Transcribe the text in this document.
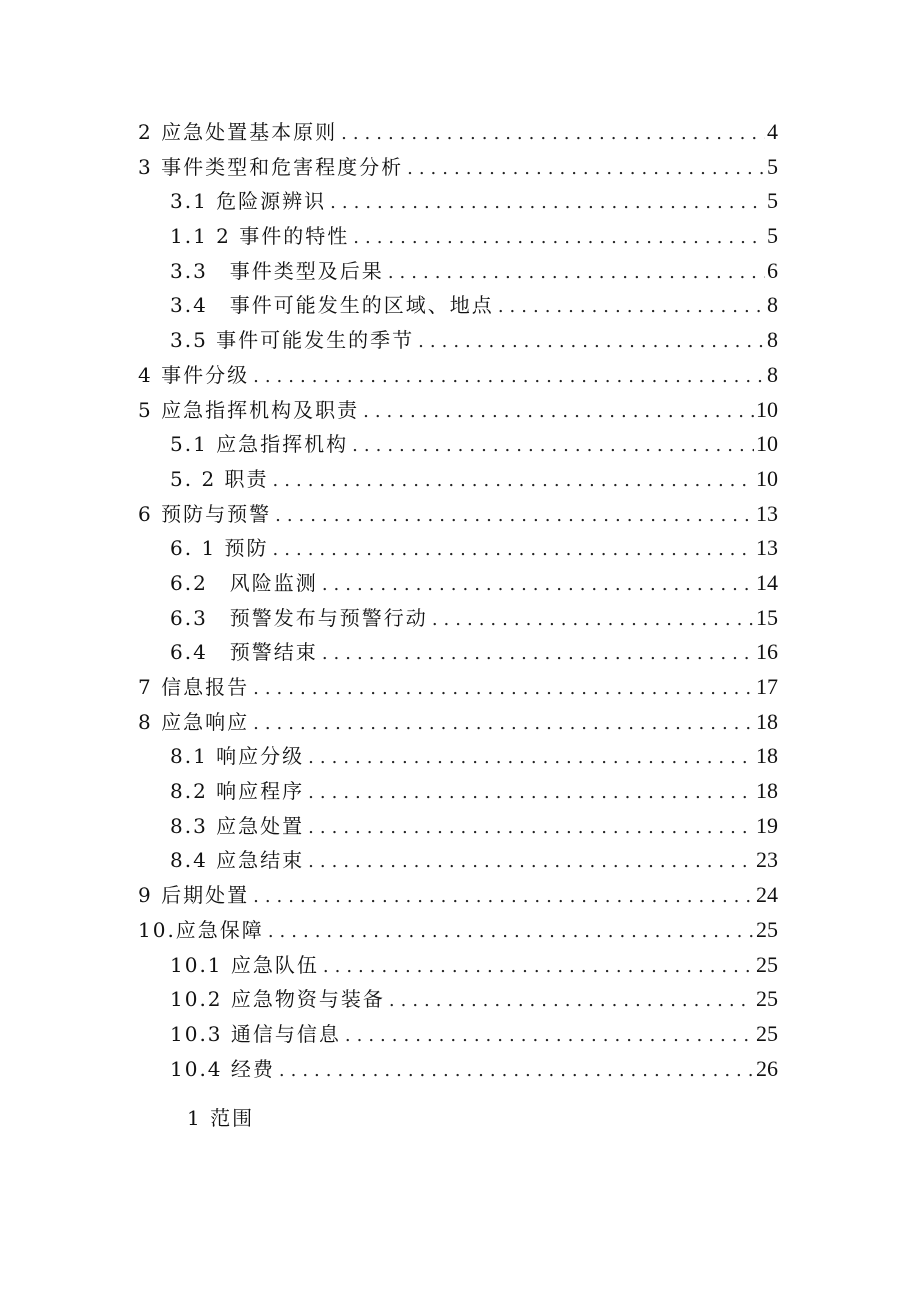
2 应急处置基本原则 .....	4
3 事件类型和危害程度分析 .....	5
3.1 危险源辨识 .....	5
1.1 2 事件的特性 .....	5
3.3　事件类型及后果 .....	6
3.4　事件可能发生的区域、地点 .....	8
3.5 事件可能发生的季节 .....	8
4 事件分级 .....	8
5 应急指挥机构及职责 .....	10
5.1 应急指挥机构 .....	10
5. 2 职责 .....	10
6 预防与预警 .....	13
6. 1 预防 .....	13
6.2　风险监测 .....	14
6.3　预警发布与预警行动 .....	15
6.4　预警结束 .....	16
7 信息报告 .....	17
8 应急响应 .....	18
8.1 响应分级 .....	18
8.2 响应程序 .....	18
8.3 应急处置 .....	19
8.4 应急结束 .....	23
9 后期处置 .....	24
10.应急保障 .....	25
10.1 应急队伍 .....	25
10.2 应急物资与装备 .....	25
10.3 通信与信息 .....	25
10.4 经费 .....	26
1 范围
